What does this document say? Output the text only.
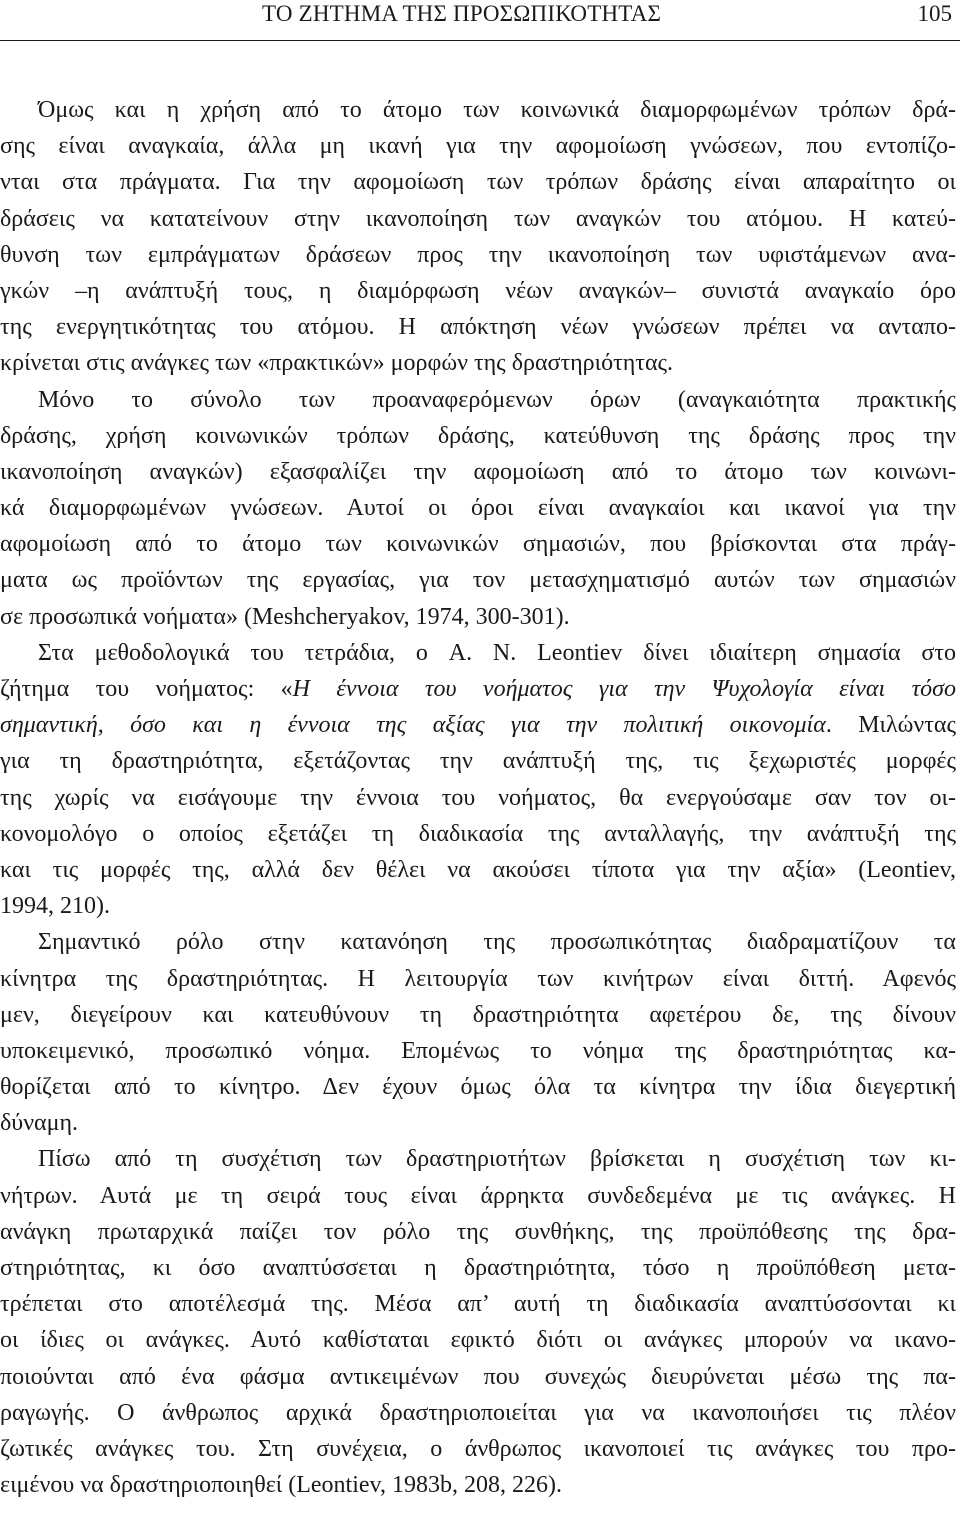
ΤΟ ΖΗΤΗΜΑ ΤΗΣ ΠΡΟΣΩΠΙΚΟΤΗΤΑΣ	105
Όμως και η χρήση από το άτομο των κοινωνικά διαμορφωμένων τρόπων δρά-
σης είναι αναγκαία, άλλα μη ικανή για την αφομοίωση γνώσεων, που εντοπίζο-
νται στα πράγματα. Για την αφομοίωση των τρόπων δράσης είναι απαραίτητο οι
δράσεις να κατατείνουν στην ικανοποίηση των αναγκών του ατόμου. Η κατεύ-
θυνση των εμπράγματων δράσεων προς την ικανοποίηση των υφιστάμενων ανα-
γκών –η ανάπτυξή τους, η διαμόρφωση νέων αναγκών– συνιστά αναγκαίο όρο
της ενεργητικότητας του ατόμου. Η απόκτηση νέων γνώσεων πρέπει να ανταπο-
κρίνεται στις ανάγκες των «πρακτικών» μορφών της δραστηριότητας.
Μόνο το σύνολο των προαναφερόμενων όρων (αναγκαιότητα πρακτικής
δράσης, χρήση κοινωνικών τρόπων δράσης, κατεύθυνση της δράσης προς την
ικανοποίηση αναγκών) εξασφαλίζει την αφομοίωση από το άτομο των κοινωνι-
κά διαμορφωμένων γνώσεων. Αυτοί οι όροι είναι αναγκαίοι και ικανοί για την
αφομοίωση από το άτομο των κοινωνικών σημασιών, που βρίσκονται στα πράγ-
ματα ως προϊόντων της εργασίας, για τον μετασχηματισμό αυτών των σημασιών
σε προσωπικά νοήματα» (Meshcheryakov, 1974, 300-301).
Στα μεθοδολογικά του τετράδια, ο A. N. Leontiev δίνει ιδιαίτερη σημασία στο
ζήτημα του νοήματος: «Η έννοια του νοήματος για την Ψυχολογία είναι τόσο
σημαντική, όσο και η έννοια της αξίας για την πολιτική οικονομία. Μιλώντας
για τη δραστηριότητα, εξετάζοντας την ανάπτυξή της, τις ξεχωριστές μορφές
της χωρίς να εισάγουμε την έννοια του νοήματος, θα ενεργούσαμε σαν τον οι-
κονομολόγο ο οποίος εξετάζει τη διαδικασία της ανταλλαγής, την ανάπτυξή της
και τις μορφές της, αλλά δεν θέλει να ακούσει τίποτα για την αξία» (Leontiev,
1994, 210).
Σημαντικό ρόλο στην κατανόηση της προσωπικότητας διαδραματίζουν τα
κίνητρα της δραστηριότητας. Η λειτουργία των κινήτρων είναι διττή. Αφενός
μεν, διεγείρουν και κατευθύνουν τη δραστηριότητα αφετέρου δε, της δίνουν
υποκειμενικό, προσωπικό νόημα. Επομένως το νόημα της δραστηριότητας κα-
θορίζεται από το κίνητρο. Δεν έχουν όμως όλα τα κίνητρα την ίδια διεγερτική
δύναμη.
Πίσω από τη συσχέτιση των δραστηριοτήτων βρίσκεται η συσχέτιση των κι-
νήτρων. Αυτά με τη σειρά τους είναι άρρηκτα συνδεδεμένα με τις ανάγκες. Η
ανάγκη πρωταρχικά παίζει τον ρόλο της συνθήκης, της προϋπόθεσης της δρα-
στηριότητας, κι όσο αναπτύσσεται η δραστηριότητα, τόσο η προϋπόθεση μετα-
τρέπεται στο αποτέλεσμά της. Μέσα απ’ αυτή τη διαδικασία αναπτύσσονται κι
οι ίδιες οι ανάγκες. Αυτό καθίσταται εφικτό διότι οι ανάγκες μπορούν να ικανο-
ποιούνται από ένα φάσμα αντικειμένων που συνεχώς διευρύνεται μέσω της πα-
ραγωγής. Ο άνθρωπος αρχικά δραστηριοποιείται για να ικανοποιήσει τις πλέον
ζωτικές ανάγκες του. Στη συνέχεια, ο άνθρωπος ικανοποιεί τις ανάγκες του προ-
ειμένου να δραστηριοποιηθεί (Leontiev, 1983b, 208, 226).
